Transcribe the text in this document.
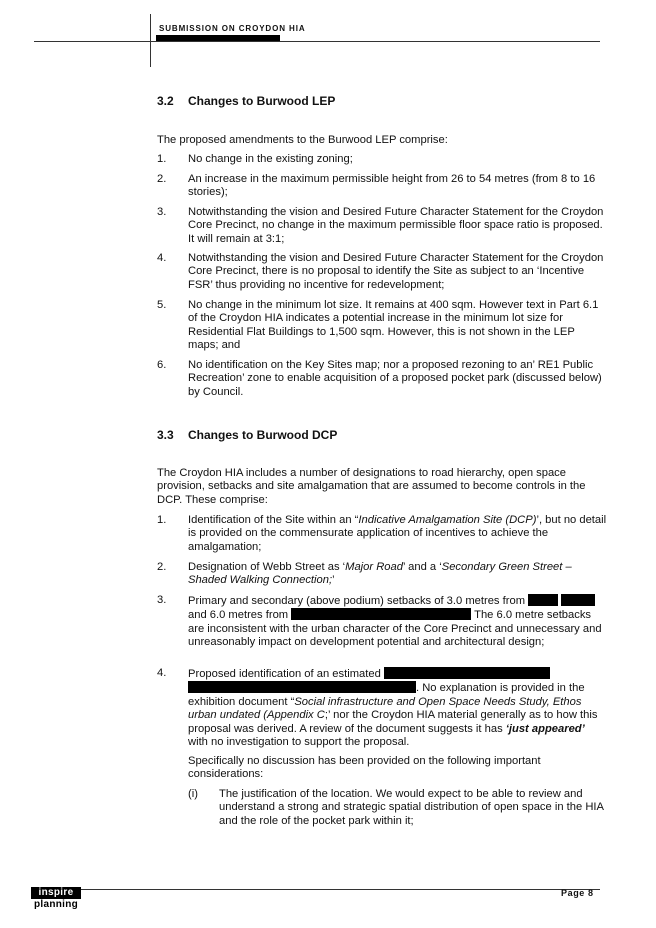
SUBMISSION ON CROYDON HIA
3.2 Changes to Burwood LEP
The proposed amendments to the Burwood LEP comprise:
1. No change in the existing zoning;
2. An increase in the maximum permissible height from 26 to 54 metres (from 8 to 16 stories);
3. Notwithstanding the vision and Desired Future Character Statement for the Croydon Core Precinct, no change in the maximum permissible floor space ratio is proposed. It will remain at 3:1;
4. Notwithstanding the vision and Desired Future Character Statement for the Croydon Core Precinct, there is no proposal to identify the Site as subject to an ‘Incentive FSR’ thus providing no incentive for redevelopment;
5. No change in the minimum lot size. It remains at 400 sqm. However text in Part 6.1 of the Croydon HIA indicates a potential increase in the minimum lot size for Residential Flat Buildings to 1,500 sqm. However, this is not shown in the LEP maps; and
6. No identification on the Key Sites map; nor a proposed rezoning to an’ RE1 Public Recreation’ zone to enable acquisition of a proposed pocket park (discussed below) by Council.
3.3 Changes to Burwood DCP
The Croydon HIA includes a number of designations to road hierarchy, open space provision, setbacks and site amalgamation that are assumed to become controls in the DCP. These comprise:
1. Identification of the Site within an “Indicative Amalgamation Site (DCP)’, but no detail is provided on the commensurate application of incentives to achieve the amalgamation;
2. Designation of Webb Street as ‘Major Road’ and a ‘Secondary Green Street – Shaded Walking Connection;’
3. Primary and secondary (above podium) setbacks of 3.0 metres from   and 6.0 metres from	The 6.0 metre setbacks are inconsistent with the urban character of the Core Precinct and unnecessary and unreasonably impact on development potential and architectural design;
4. Proposed identification of an estimated  . No explanation is provided in the exhibition document “Social infrastructure and Open Space Needs Study, Ethos urban undated (Appendix C;’ nor the Croydon HIA material generally as to how this proposal was derived. A review of the document suggests it has ‘just appeared’ with no investigation to support the proposal.
Specifically no discussion has been provided on the following important considerations:
(i) The justification of the location. We would expect to be able to review and understand a strong and strategic spatial distribution of open space in the HIA and the role of the pocket park within it;
inspire
planning
Page 8
